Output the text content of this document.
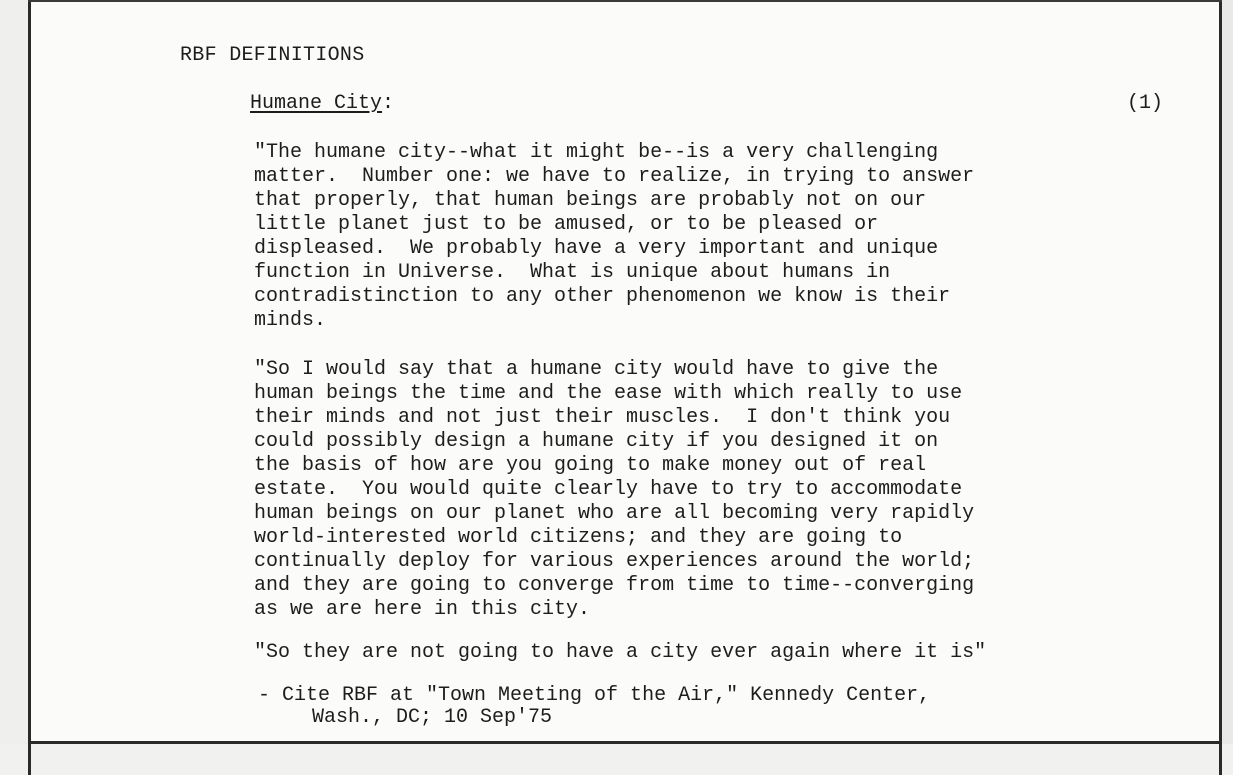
RBF DEFINITIONS
Humane City:	(1)
"The humane city--what it might be--is a very challenging
matter.  Number one: we have to realize, in trying to answer
that properly, that human beings are probably not on our
little planet just to be amused, or to be pleased or
displeased.  We probably have a very important and unique
function in Universe.  What is unique about humans in
contradistinction to any other phenomenon we know is their
minds.
"So I would say that a humane city would have to give the
human beings the time and the ease with which really to use
their minds and not just their muscles.  I don't think you
could possibly design a humane city if you designed it on
the basis of how are you going to make money out of real
estate.  You would quite clearly have to try to accommodate
human beings on our planet who are all becoming very rapidly
world-interested world citizens; and they are going to
continually deploy for various experiences around the world;
and they are going to converge from time to time--converging
as we are here in this city.
"So they are not going to have a city ever again where it is"
- Cite RBF at "Town Meeting of the Air," Kennedy Center,
Wash., DC; 10 Sep'75
